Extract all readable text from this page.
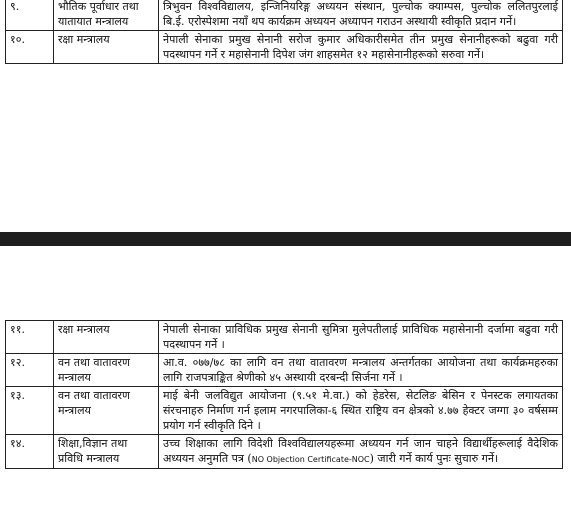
९.	भौतिक पूर्वाधार तथा यातायात मन्त्रालय	त्रिभुवन विश्वविद्यालय, इन्जिनियरिङ्ग अध्ययन संस्थान, पुल्चोक क्याम्पस, पुल्चोक ललितपुरलाई बि.ई. एरोस्पेशमा नयाँ थप कार्यक्रम अध्ययन अध्यापन गराउन अस्थायी स्वीकृति प्रदान गर्ने।
१०.	रक्षा मन्त्रालय	नेपाली सेनाका प्रमुख सेनानी सरोज कुमार अधिकारीसमेत तीन प्रमुख सेनानीहरूको बढुवा गरी पदस्थापन गर्ने र महासेनानी दिपेश जंग शाहसमेत १२ महासेनानीहरूको सरुवा गर्ने।
११.	रक्षा मन्त्रालय	नेपाली सेनाका प्राविधिक प्रमुख सेनानी सुमित्रा मुलेपतीलाई प्राविधिक महासेनानी दर्जामा बढुवा गरी पदस्थापन गर्ने ।
१२.	वन तथा वातावरण मन्त्रालय	आ.व. ०७७/७८ का लागि वन तथा वातावरण मन्त्रालय अन्तर्गतका आयोजना तथा कार्यक्रमहरुका लागि राजपत्राङ्कित श्रेणीको ४५ अस्थायी दरबन्दी सिर्जना गर्ने ।
१३.	वन तथा वातावरण मन्त्रालय	माई बेनी जलविद्युत आयोजना (९.५१ मे.वा.) को हेडरेस, सेटलिङ बेसिन र पेनस्टक लगायतका संरचनाहरु निर्माण गर्न इलाम नगरपालिका-६ स्थित राष्ट्रिय वन क्षेत्रको ४.७७ हेक्टर जग्गा ३० वर्षसम्म प्रयोग गर्न स्वीकृति दिने ।
१४.	शिक्षा,विज्ञान तथा प्रविधि मन्त्रालय	उच्च शिक्षाका लागि विदेशी विश्वविद्यालयहरूमा अध्ययन गर्न जान चाहने विद्यार्थीहरूलाई वैदेशिक अध्ययन अनुमति पत्र (NO Objection Certificate-NOC) जारी गर्ने कार्य पुनः सुचारु गर्ने।
